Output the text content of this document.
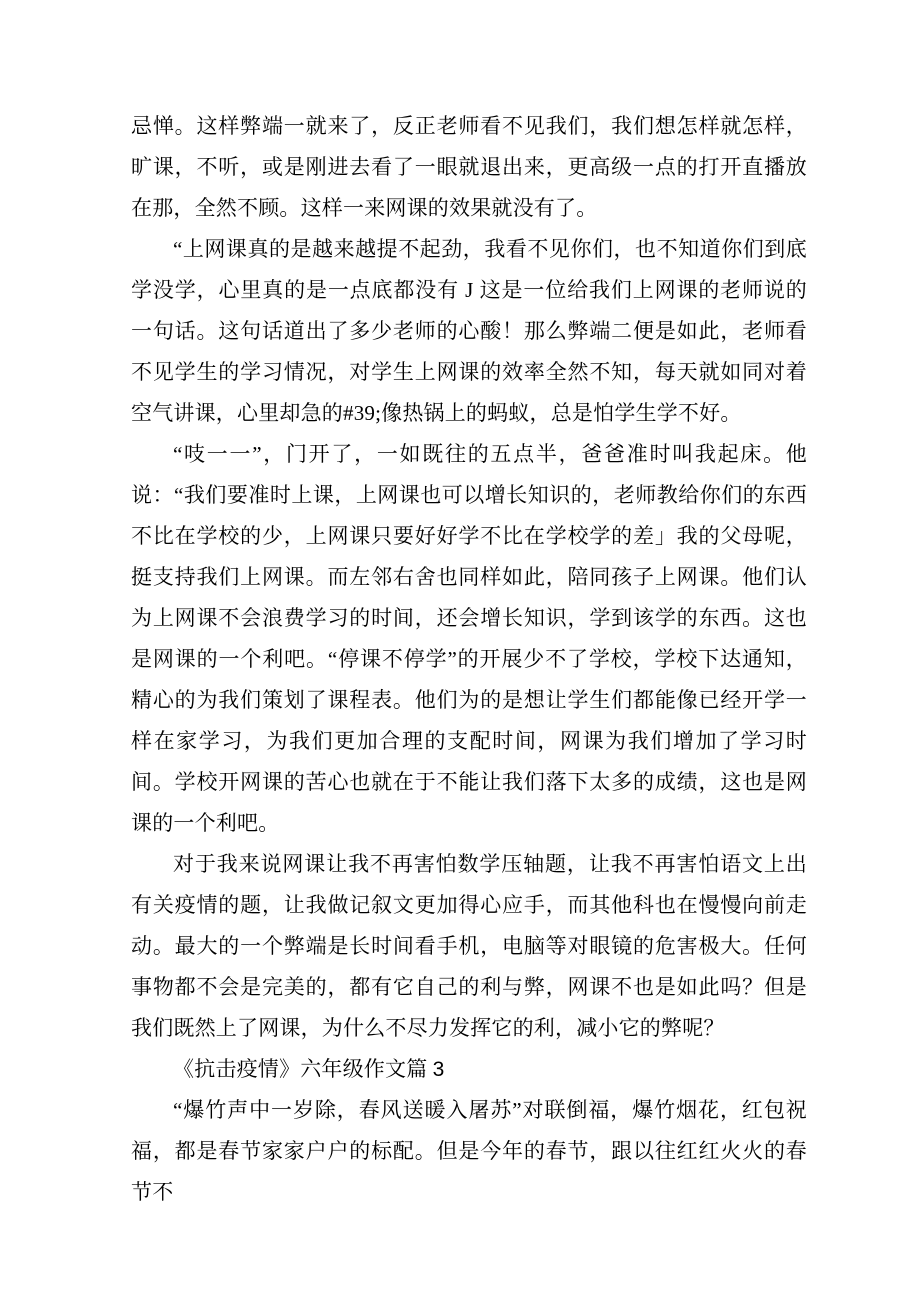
忌惮。这样弊端一就来了，反正老师看不见我们，我们想怎样就怎样，旷课，不听，或是刚进去看了一眼就退出来，更高级一点的打开直播放在那，全然不顾。这样一来网课的效果就没有了。

“上网课真的是越来越提不起劲，我看不见你们，也不知道你们到底学没学，心里真的是一点底都没有 J 这是一位给我们上网课的老师说的一句话。这句话道出了多少老师的心酸！那么弊端二便是如此，老师看不见学生的学习情况，对学生上网课的效率全然不知，每天就如同对着空气讲课，心里却急的#39;像热锅上的蚂蚁，总是怕学生学不好。

“吱一一”，门开了，一如既往的五点半，爸爸准时叫我起床。他说：“我们要准时上课，上网课也可以增长知识的，老师教给你们的东西不比在学校的少，上网课只要好好学不比在学校学的差」我的父母呢，挺支持我们上网课。而左邻右舍也同样如此，陪同孩子上网课。他们认为上网课不会浪费学习的时间，还会增长知识，学到该学的东西。这也是网课的一个利吧。“停课不停学”的开展少不了学校，学校下达通知，精心的为我们策划了课程表。他们为的是想让学生们都能像已经开学一样在家学习，为我们更加合理的支配时间，网课为我们增加了学习时间。学校开网课的苦心也就在于不能让我们落下太多的成绩，这也是网课的一个利吧。

对于我来说网课让我不再害怕数学压轴题，让我不再害怕语文上出有关疫情的题，让我做记叙文更加得心应手，而其他科也在慢慢向前走动。最大的一个弊端是长时间看手机，电脑等对眼镜的危害极大。任何事物都不会是完美的，都有它自己的利与弊，网课不也是如此吗？但是我们既然上了网课，为什么不尽力发挥它的利，减小它的弊呢？

《抗击疫情》六年级作文篇 3

“爆竹声中一岁除，春风送暖入屠苏”对联倒福，爆竹烟花，红包祝福，都是春节家家户户的标配。但是今年的春节，跟以往红红火火的春节不
